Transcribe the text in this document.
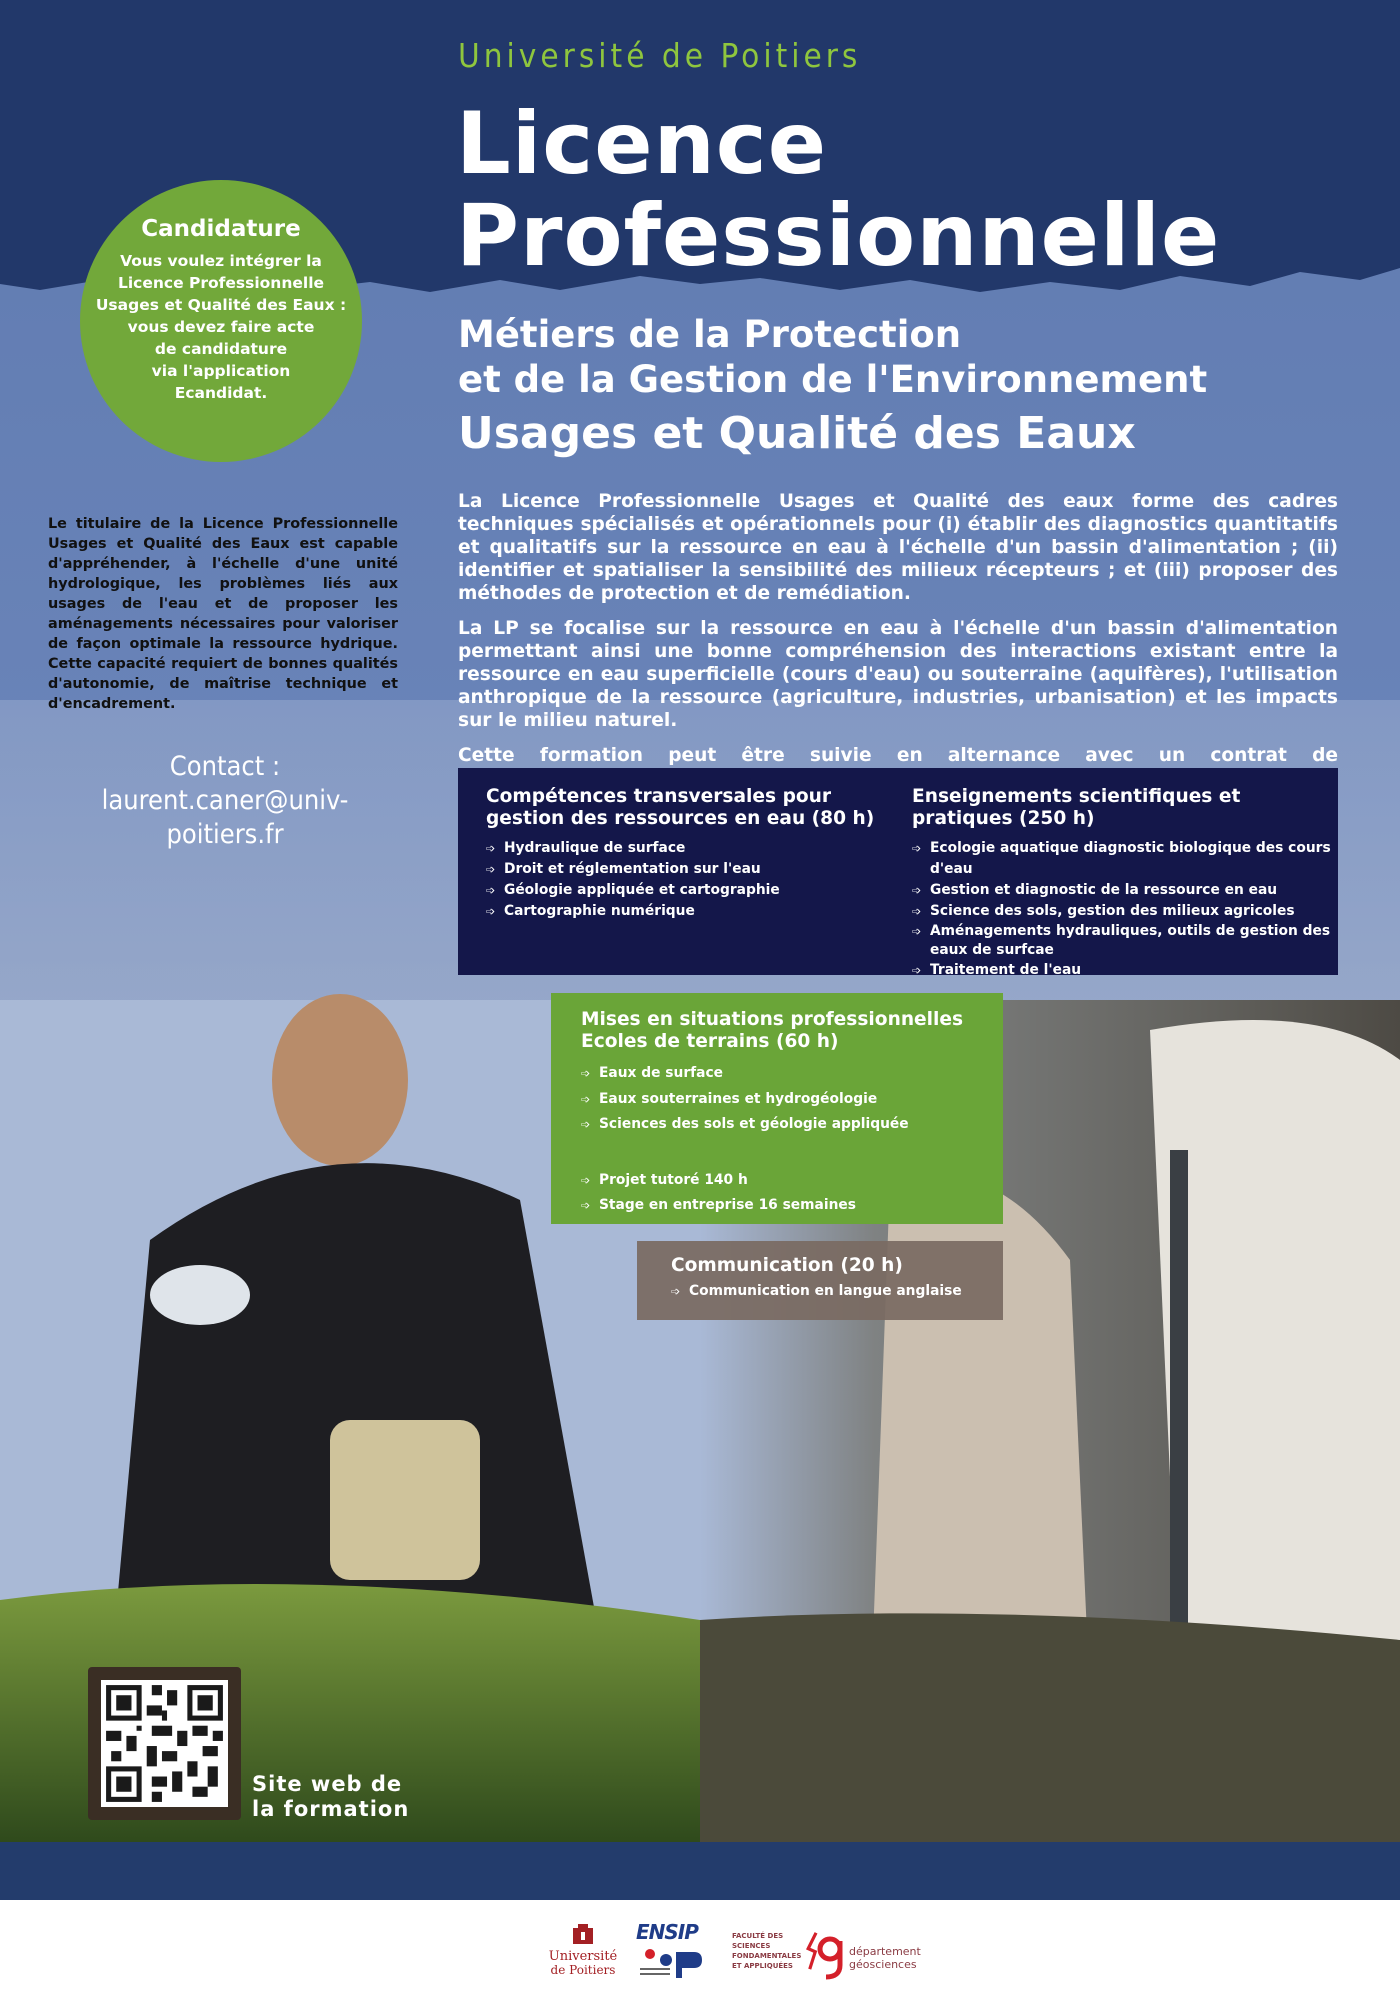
Université de Poitiers
Licence
Professionnelle
Métiers de la Protection
et de la Gestion de l'Environnement
Usages et Qualité des Eaux
Candidature

Vous voulez intégrer la

Licence Professionnelle

Usages et Qualité des Eaux :

vous devez faire acte

de candidature

via l'application

Ecandidat.

Le titulaire de la Licence Professionnelle Usages et Qualité des Eaux est capable d'appréhender, à l'échelle d'une unité hydrologique, les problèmes liés aux usages de l'eau et de proposer les aménagements nécessaires pour valoriser de façon optimale la ressource hydrique. Cette capacité requiert de bonnes qualités d'autonomie, de maîtrise technique et d'encadrement.
Contact :
laurent.caner@univ-poitiers.fr

La Licence Professionnelle Usages et Qualité des eaux forme des cadres techniques spécialisés et opérationnels pour (i) établir des diagnostics quantitatifs et qualitatifs sur la ressource en eau à l'échelle d'un bassin d'alimentation ; (ii) identifier et spatialiser la sensibilité des milieux récepteurs ; et (iii) proposer des méthodes de protection et de remédiation.

La LP se focalise sur la ressource en eau à l'échelle d'un bassin d'alimentation permettant ainsi une bonne compréhension des interactions existant entre la ressource en eau superficielle (cours d'eau) ou souterraine (aquifères), l'utilisation anthropique de la ressource (agriculture, industries, urbanisation) et les impacts sur le milieu naturel.

Cette formation peut être suivie en alternance avec un contrat de

Compétences transversales pour
gestion des ressources en eau (80 h)
➩ Hydraulique de surface
➩ Droit et réglementation sur l'eau
➩ Géologie appliquée et cartographie
➩ Cartographie numérique
Enseignements scientifiques et
pratiques (250 h)
➩ Ecologie aquatique diagnostic biologique des cours d'eau
➩ Gestion et diagnostic de la ressource en eau
➩ Science des sols, gestion des milieux agricoles
➩ Aménagements hydrauliques, outils de gestion des eaux de surfcae
➩ Traitement de l'eau
Mises en situations professionnelles
Ecoles de terrains (60 h)
➩ Eaux de surface
➩ Eaux souterraines et hydrogéologie
➩ Sciences des sols et géologie appliquée
➩ Projet tutoré 140 h
➩ Stage en entreprise 16 semaines
Communication (20 h)
➩ Communication en langue anglaise
Site web de
la formation
Université
de Poitiers
ENSIP	FACULTÉ DES SCIENCES
FONDAMENTALES
ET APPLIQUÉES
département
géosciences
